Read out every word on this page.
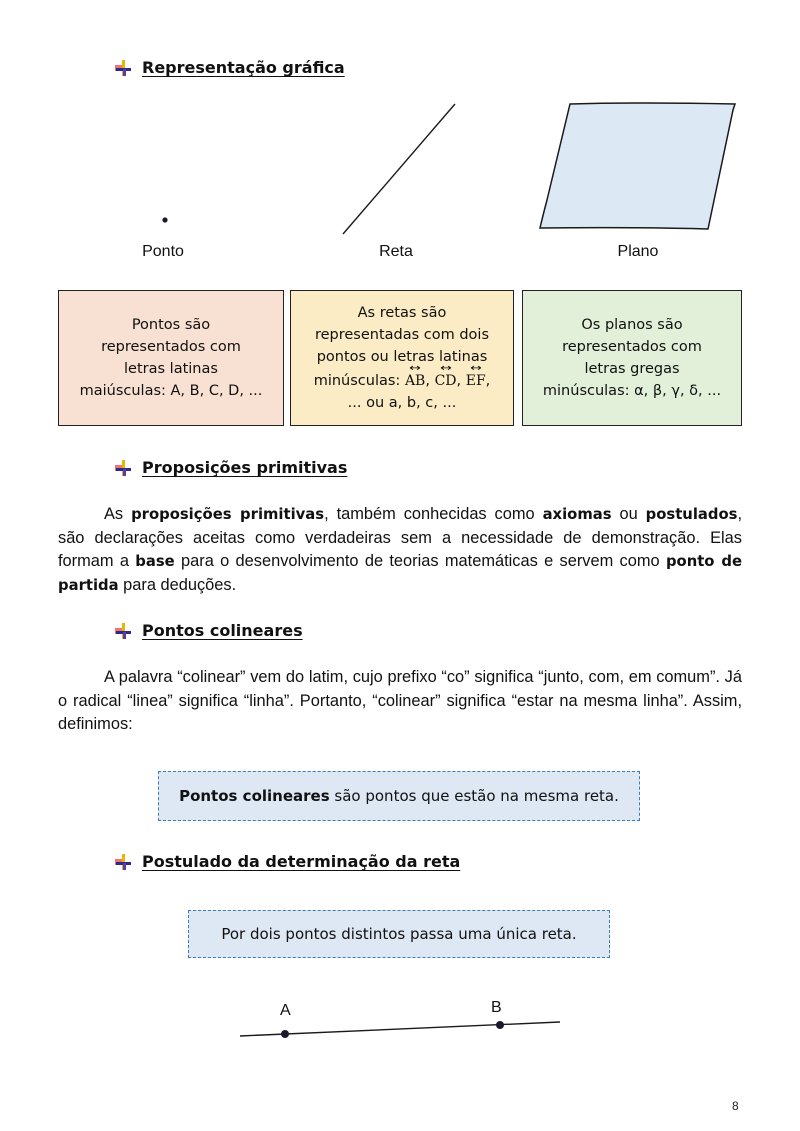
Representação gráfica
Ponto	Reta	Plano
Pontos são
representados com
letras latinas
maiúsculas: A, B, C, D, ...
As retas são
representadas com dois
pontos ou letras latinas
minúsculas: ↔ AB, ↔ CD, ↔ EF,
... ou a, b, c, ...
Os planos são
representados com
letras gregas
minúsculas: α, β, γ, δ, ...
Proposições primitivas

As proposições primitivas, também conhecidas como axiomas ou postulados, são declarações aceitas como verdadeiras sem a necessidade de demonstração. Elas formam a base para o desenvolvimento de teorias matemáticas e servem como ponto de partida para deduções.

Pontos colineares

A palavra “colinear” vem do latim, cujo prefixo “co” significa “junto, com, em comum”. Já o radical “linea” significa “linha”. Portanto, “colinear” significa “estar na mesma linha”. Assim, definimos:

Pontos colineares são pontos que estão na mesma reta.
Postulado da determinação da reta
Por dois pontos distintos passa uma única reta.
A	B
8
